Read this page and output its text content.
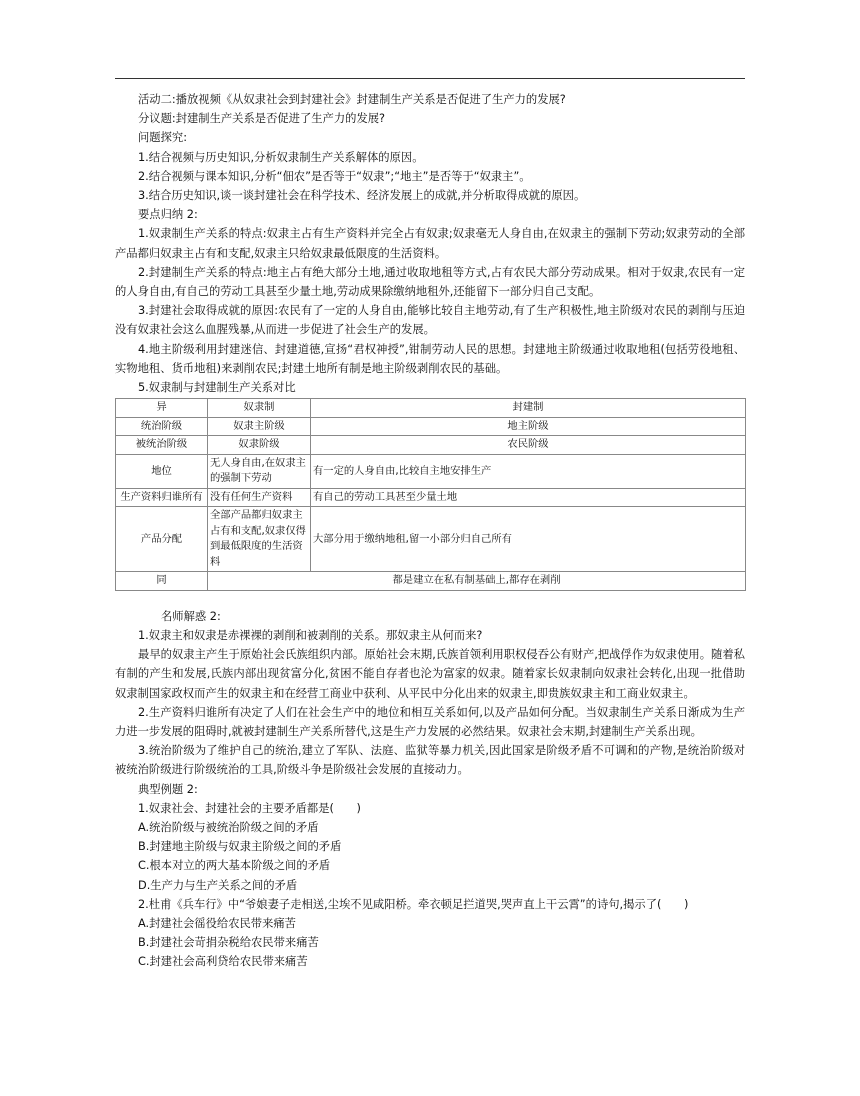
活动二:播放视频《从奴隶社会到封建社会》封建制生产关系是否促进了生产力的发展?

分议题:封建制生产关系是否促进了生产力的发展?

问题探究:

1.结合视频与历史知识,分析奴隶制生产关系解体的原因。

2.结合视频与课本知识,分析“佃农”是否等于“奴隶”;“地主”是否等于“奴隶主”。

3.结合历史知识,谈一谈封建社会在科学技术、经济发展上的成就,并分析取得成就的原因。

要点归纳 2:

1.奴隶制生产关系的特点:奴隶主占有生产资料并完全占有奴隶;奴隶毫无人身自由,在奴隶主的强制下劳动;奴隶劳动的全部产品都归奴隶主占有和支配,奴隶主只给奴隶最低限度的生活资料。

2.封建制生产关系的特点:地主占有绝大部分土地,通过收取地租等方式,占有农民大部分劳动成果。相对于奴隶,农民有一定的人身自由,有自己的劳动工具甚至少量土地,劳动成果除缴纳地租外,还能留下一部分归自己支配。

3.封建社会取得成就的原因:农民有了一定的人身自由,能够比较自主地劳动,有了生产积极性,地主阶级对农民的剥削与压迫没有奴隶社会这么血腥残暴,从而进一步促进了社会生产的发展。

4.地主阶级利用封建迷信、封建道德,宣扬“君权神授”,钳制劳动人民的思想。封建地主阶级通过收取地租(包括劳役地租、实物地租、货币地租)来剥削农民;封建土地所有制是地主阶级剥削农民的基础。

5.奴隶制与封建制生产关系对比

异	奴隶制	封建制
统治阶级	奴隶主阶级	地主阶级
被统治阶级	奴隶阶级	农民阶级
地位	无人身自由,在奴隶主的强制下劳动	有一定的人身自由,比较自主地安排生产
生产资料归谁所有	没有任何生产资料	有自己的劳动工具甚至少量土地
产品分配	全部产品都归奴隶主占有和支配,奴隶仅得到最低限度的生活资料	大部分用于缴纳地租,留一小部分归自己所有
同	都是建立在私有制基础上,都存在剥削	

名师解惑 2:

1.奴隶主和奴隶是赤裸裸的剥削和被剥削的关系。那奴隶主从何而来?

最早的奴隶主产生于原始社会氏族组织内部。原始社会末期,氏族首领利用职权侵吞公有财产,把战俘作为奴隶使用。随着私有制的产生和发展,氏族内部出现贫富分化,贫困不能自存者也沦为富家的奴隶。随着家长奴隶制向奴隶社会转化,出现一批借助奴隶制国家政权而产生的奴隶主和在经营工商业中获利、从平民中分化出来的奴隶主,即贵族奴隶主和工商业奴隶主。

2.生产资料归谁所有决定了人们在社会生产中的地位和相互关系如何,以及产品如何分配。当奴隶制生产关系日渐成为生产力进一步发展的阻碍时,就被封建制生产关系所替代,这是生产力发展的必然结果。奴隶社会末期,封建制生产关系出现。

3.统治阶级为了维护自己的统治,建立了军队、法庭、监狱等暴力机关,因此国家是阶级矛盾不可调和的产物,是统治阶级对被统治阶级进行阶级统治的工具,阶级斗争是阶级社会发展的直接动力。

典型例题 2:

1.奴隶社会、封建社会的主要矛盾都是(　　)

A.统治阶级与被统治阶级之间的矛盾

B.封建地主阶级与奴隶主阶级之间的矛盾

C.根本对立的两大基本阶级之间的矛盾

D.生产力与生产关系之间的矛盾

2.杜甫《兵车行》中“爷娘妻子走相送,尘埃不见咸阳桥。牵衣顿足拦道哭,哭声直上干云霄”的诗句,揭示了(　　)

A.封建社会徭役给农民带来痛苦

B.封建社会苛捐杂税给农民带来痛苦

C.封建社会高利贷给农民带来痛苦
